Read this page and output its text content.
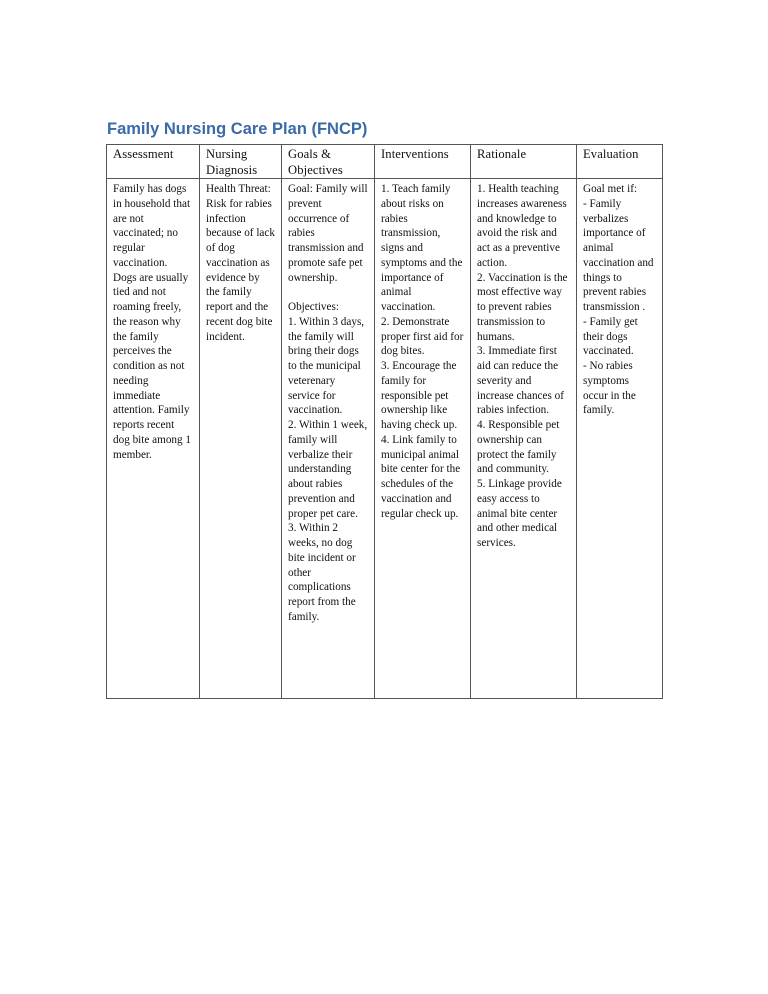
Family Nursing Care Plan (FNCP)
Assessment	Nursing Diagnosis	Goals & Objectives	Interventions	Rationale	Evaluation

Family has dogs in household that are not vaccinated; no regular vaccination. Dogs are usually tied and not roaming freely, the reason why the family perceives the condition as not needing immediate attention. Family reports recent dog bite among 1 member.

Health Threat: Risk for rabies infection because of lack of dog vaccination as evidence by the family report and the recent dog bite incident.

Goal: Family will prevent occurrence of rabies transmission and promote safe pet ownership.
Objectives:
1. Within 3 days, the family will bring their dogs to the municipal veterenary service for vaccination.
2. Within 1 week, family will verbalize their understanding about rabies prevention and proper pet care.
3. Within 2 weeks, no dog bite incident or other complications report from the family.

1. Teach family about risks on rabies transmission, signs and symptoms and the importance of animal vaccination.
2. Demonstrate proper first aid for dog bites.
3. Encourage the family for responsible pet ownership like having check up.
4. Link family to municipal animal bite center for the schedules of the vaccination and regular check up.

1. Health teaching increases awareness and knowledge to avoid the risk and act as a preventive action.
2. Vaccination is the most effective way to prevent rabies transmission to humans.
3. Immediate first aid can reduce the severity and increase chances of rabies infection.
4. Responsible pet ownership can protect the family and community.
5. Linkage provide easy access to animal bite center and other medical services.

Goal met if:
- Family verbalizes importance of animal vaccination and things to prevent rabies transmission .
- Family get their dogs vaccinated.
- No rabies symptoms occur in the family.
